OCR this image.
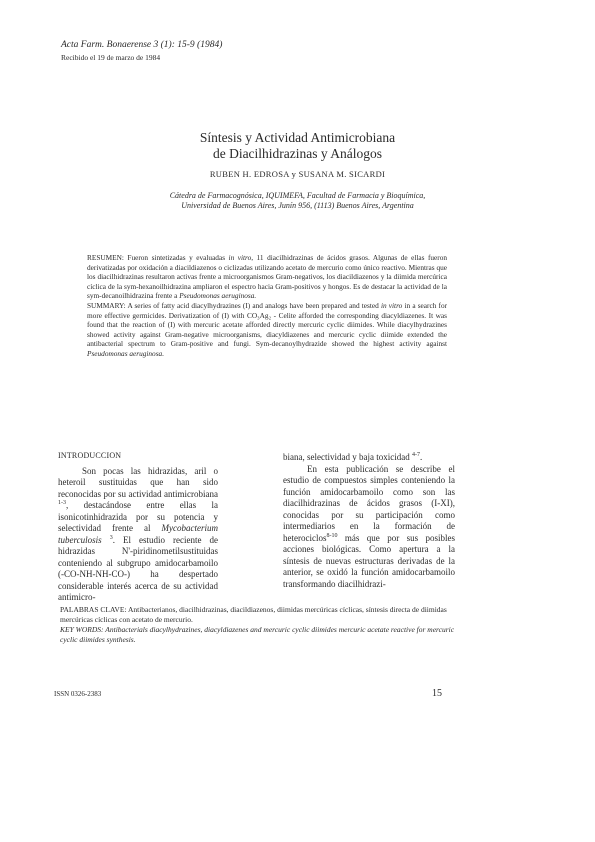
Acta Farm. Bonaerense 3 (1): 15-9 (1984)
Recibido el 19 de marzo de 1984
Síntesis y Actividad Antimicrobiana
de Diacilhidrazinas y Análogos
RUBEN H. EDROSA y SUSANA M. SICARDI
Cátedra de Farmacognósica, IQUIMEFA, Facultad de Farmacia y Bioquímica,
Universidad de Buenos Aires, Junín 956, (1113) Buenos Aires, Argentina

RESUMEN: Fueron sintetizadas y evaluadas in vitro, 11 diacilhidrazinas de ácidos grasos. Algunas de ellas fueron derivatizadas por oxidación a diacildiazenos o ciclizadas utilizando acetato de mercurio como único reactivo. Mientras que los diacilhidrazinas resultaron activas frente a microorganismos Gram-negativos, los diacildiazenos y la diimida mercúrica cíclica de la sym-hexanoilhidrazina ampliaron el espectro hacia Gram-positivos y hongos. Es de destacar la actividad de la sym-decanoilhidrazina frente a Pseudomonas aeruginosa.

SUMMARY: A series of fatty acid diacylhydrazines (I) and analogs have been prepared and tested in vitro in a search for more effective germicides. Derivatization of (I) with CO₃Ag₂ - Celite afforded the corresponding diacyldiazenes. It was found that the reaction of (I) with mercuric acetate afforded directly mercuric cyclic diimides. While diacylhydrazines showed activity against Gram-negative microorganisms, diacyldiazenes and mercuric cyclic diimide extended the antibacterial spectrum to Gram-positive and fungi. Sym-decanoylhydrazide showed the highest activity against Pseudomonas aeruginosa.

INTRODUCCION

Son pocas las hidrazidas, aril o heteroil sustituidas que han sido reconocidas por su actividad antimicrobiana $^{1-3}$, destacándose entre ellas la isonicotinhidrazida por su potencia y selectividad frente al Mycobacterium tuberculosis $^3$. El estudio reciente de hidrazidas N'-piridinometilsustituidas conteniendo al subgrupo amidocarbamoilo (-CO-NH-NH-CO-) ha despertado considerable interés acerca de su actividad antimicro-

biana, selectividad y baja toxicidad $^{4-7}$.

En esta publicación se describe el estudio de compuestos simples conteniendo la función amidocarbamoilo como son las diacilhidrazinas de ácidos grasos (I-XI), conocidas por su participación como intermediarios en la formación de heterociclos$^{8-10}$ más que por sus posibles acciones biológicas. Como apertura a la síntesis de nuevas estructuras derivadas de la anterior, se oxidó la función amidocarbamoilo transformando diacilhidrazi-

PALABRAS CLAVE: Antibacterianos, diacilhidrazinas, diacildiazenos, diimidas mercúricas cíclicas, síntesis directa de diimidas mercúricas cíclicas con acetato de mercurio.

KEY WORDS: Antibacterials diacylhydrazines, diacyldiazenes and mercuric cyclic diimides mercuric acetate reactive for mercuric cyclic diimides synthesis.

ISSN 0326-2383	15
